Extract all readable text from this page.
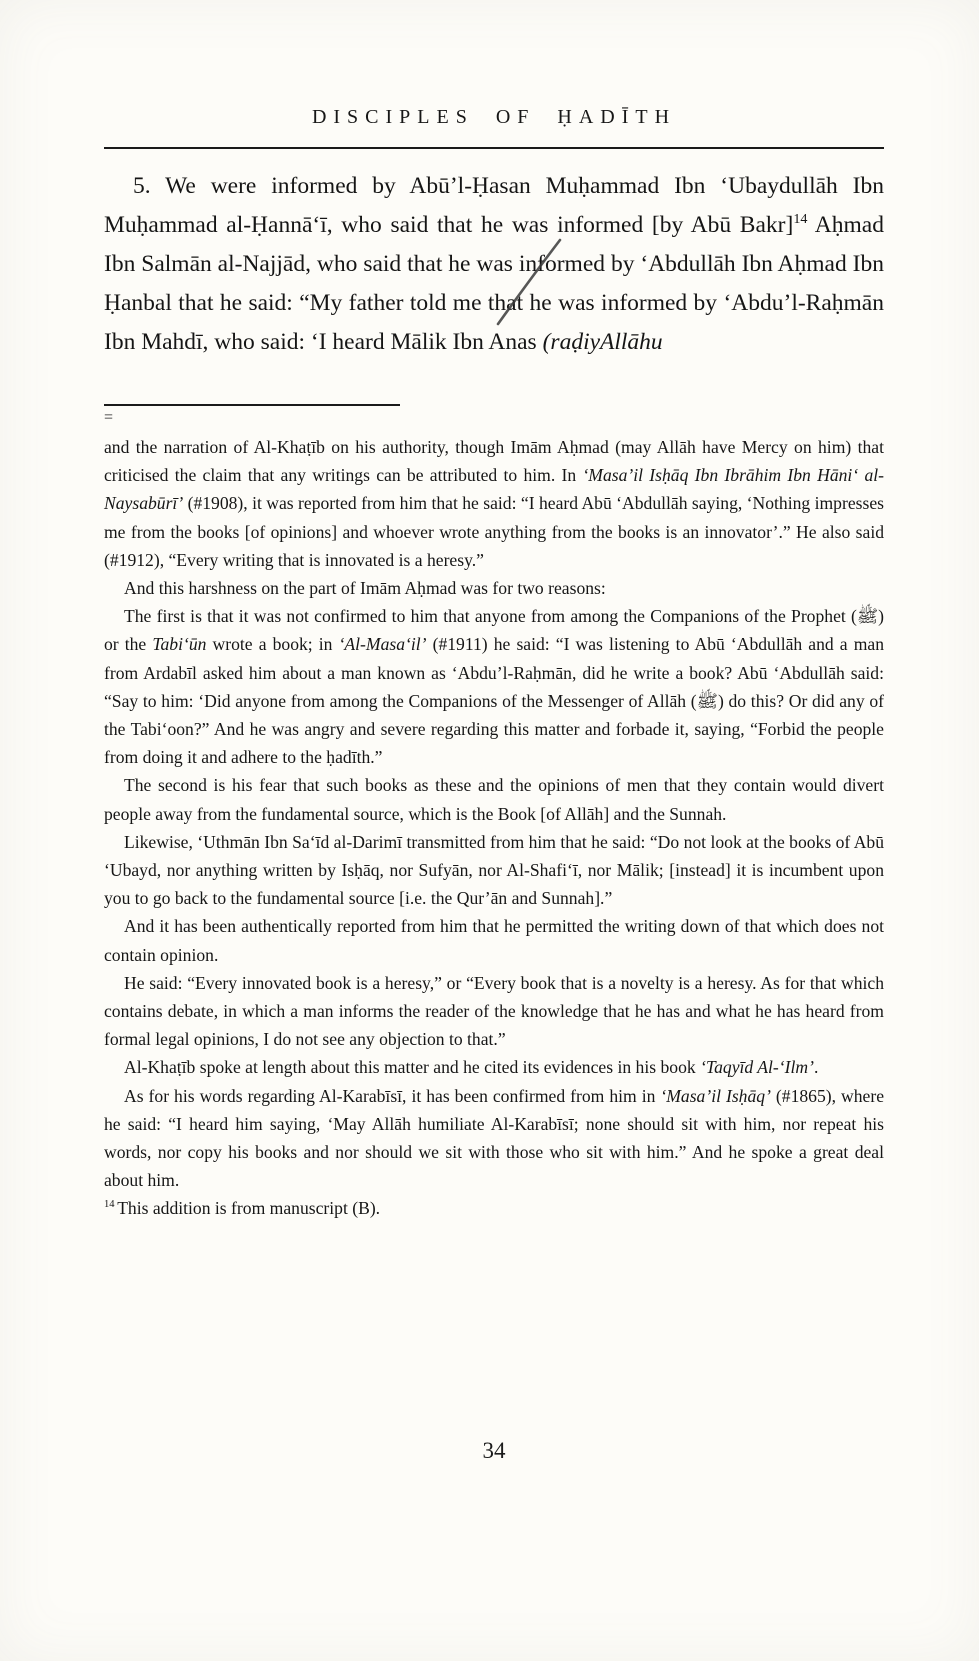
DISCIPLES OF ḤADĪTH

5. We were informed by Abū’l-Ḥasan Muḥammad Ibn ‘Ubaydullāh Ibn Muḥammad al-Ḥannā‘ī, who said that he was informed [by Abū Bakr]$^{14}$ Aḥmad Ibn Salmān al-Najjād, who said that he was informed by ‘Abdullāh Ibn Aḥmad Ibn Ḥanbal that he said: “My father told me that he was informed by ‘Abdu’l-Raḥmān Ibn Mahdī, who said: ‘I heard Mālik Ibn Anas (raḍiyAllāhu

=

and the narration of Al-Khaṭīb on his authority, though Imām Aḥmad (may Allāh have Mercy on him) that criticised the claim that any writings can be attributed to him. In ‘Masa’il Isḥāq Ibn Ibrāhim Ibn Hāni‘ al-Naysabūrī’ (#1908), it was reported from him that he said: “I heard Abū ‘Abdullāh saying, ‘Nothing impresses me from the books [of opinions] and whoever wrote anything from the books is an innovator’.” He also said (#1912), “Every writing that is innovated is a heresy.”

And this harshness on the part of Imām Aḥmad was for two reasons:

The first is that it was not confirmed to him that anyone from among the Companions of the Prophet (ﷺ) or the Tabi‘ūn wrote a book; in ‘Al-Masa‘il’ (#1911) he said: “I was listening to Abū ‘Abdullāh and a man from Ardabīl asked him about a man known as ‘Abdu’l-Raḥmān, did he write a book? Abū ‘Abdullāh said: “Say to him: ‘Did anyone from among the Companions of the Messenger of Allāh (ﷺ) do this? Or did any of the Tabi‘oon?” And he was angry and severe regarding this matter and forbade it, saying, “Forbid the people from doing it and adhere to the ḥadīth.”

The second is his fear that such books as these and the opinions of men that they contain would divert people away from the fundamental source, which is the Book [of Allāh] and the Sunnah.

Likewise, ‘Uthmān Ibn Sa‘īd al-Darimī transmitted from him that he said: “Do not look at the books of Abū ‘Ubayd, nor anything written by Isḥāq, nor Sufyān, nor Al-Shafi‘ī, nor Mālik; [instead] it is incumbent upon you to go back to the fundamental source [i.e. the Qur’ān and Sunnah].”

And it has been authentically reported from him that he permitted the writing down of that which does not contain opinion.

He said: “Every innovated book is a heresy,” or “Every book that is a novelty is a heresy. As for that which contains debate, in which a man informs the reader of the knowledge that he has and what he has heard from formal legal opinions, I do not see any objection to that.”

Al-Khaṭīb spoke at length about this matter and he cited its evidences in his book ‘Taqyīd Al-‘Ilm’.

As for his words regarding Al-Karabīsī, it has been confirmed from him in ‘Masa’il Isḥāq’ (#1865), where he said: “I heard him saying, ‘May Allāh humiliate Al-Karabīsī; none should sit with him, nor repeat his words, nor copy his books and nor should we sit with those who sit with him.” And he spoke a great deal about him.

$^{14}$ This addition is from manuscript (B).

34
